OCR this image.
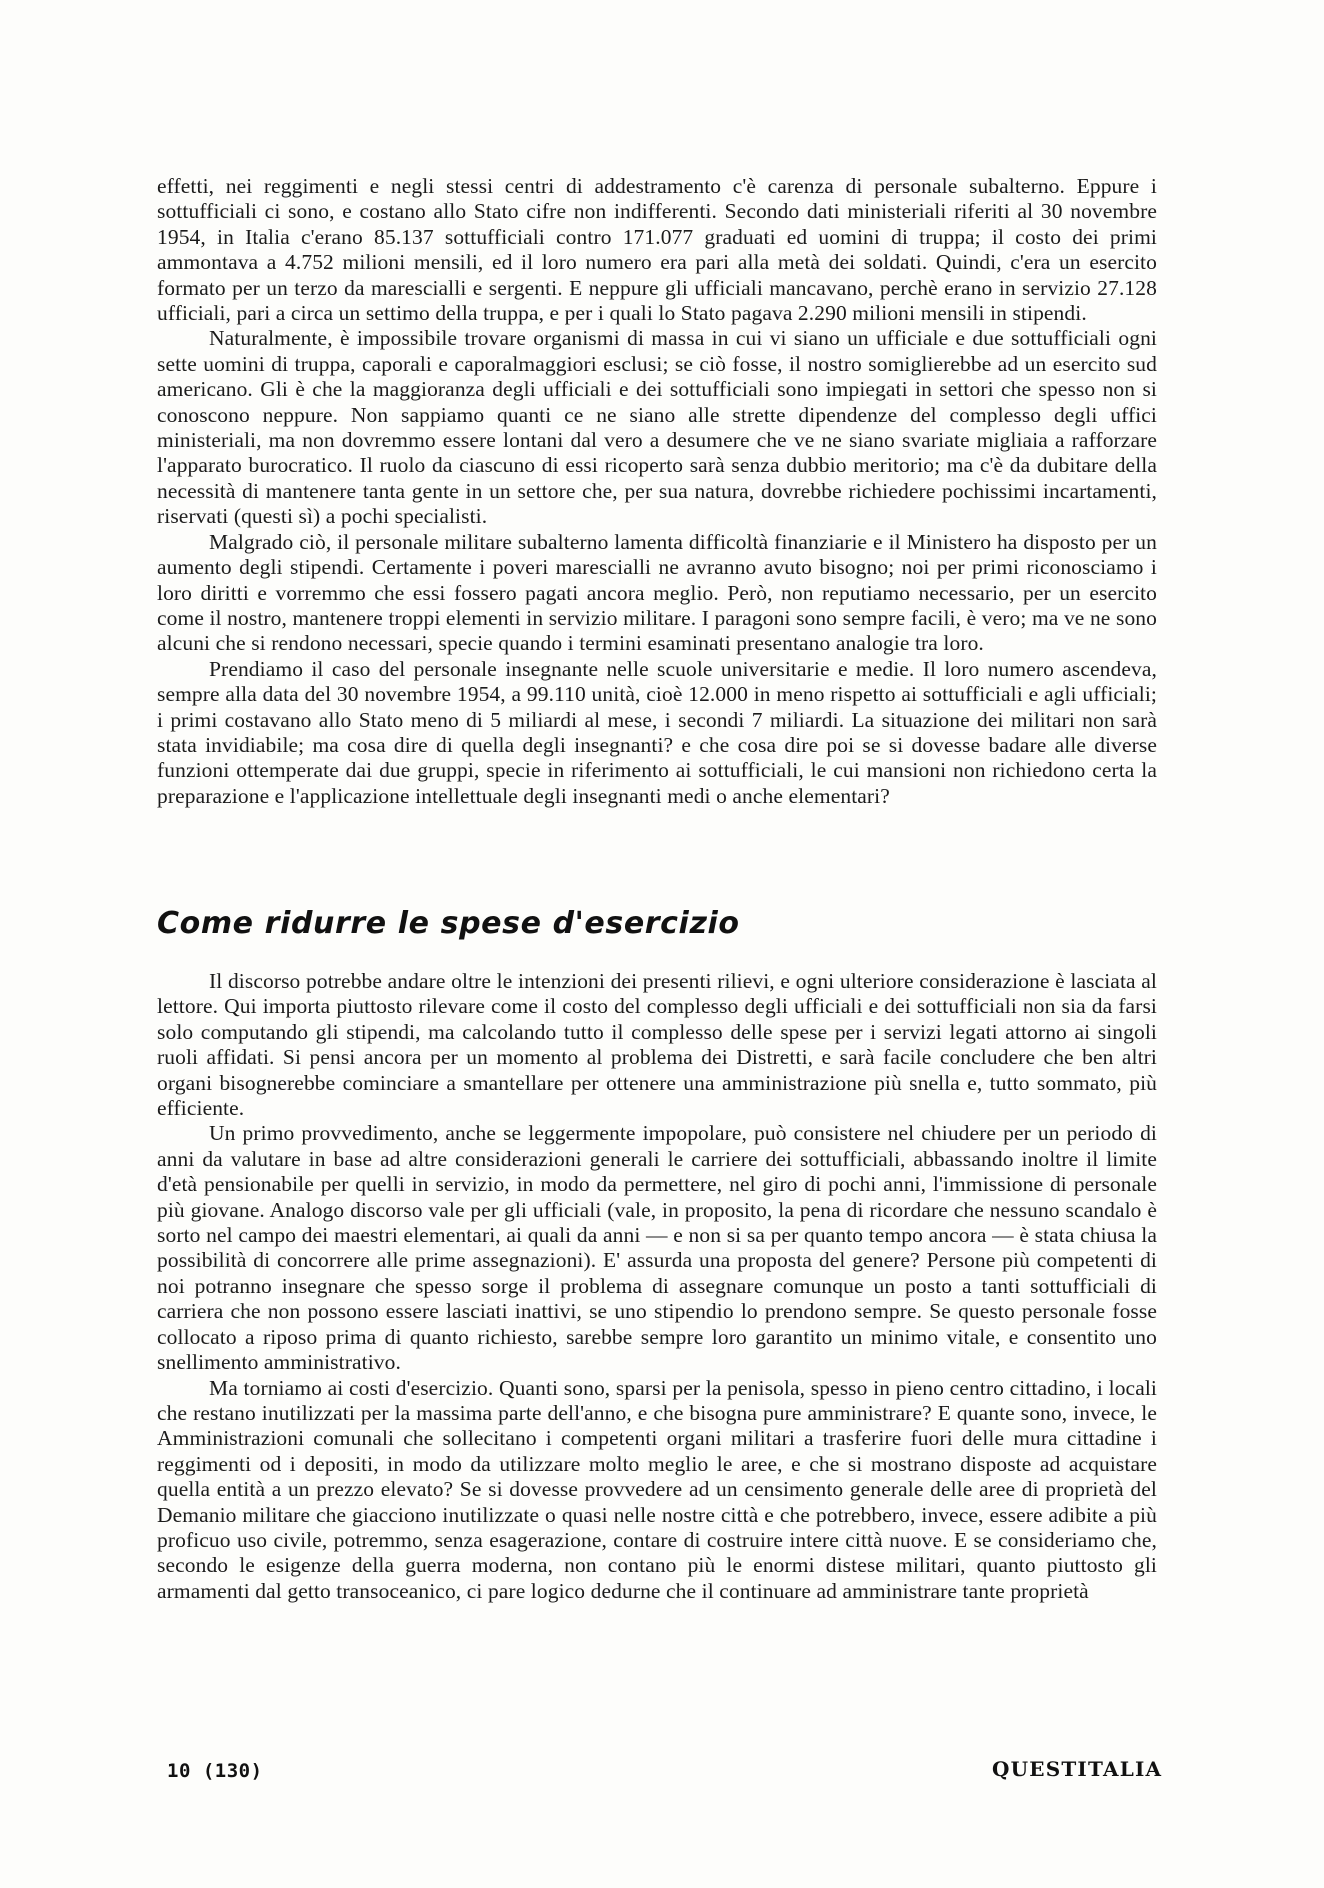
effetti, nei reggimenti e negli stessi centri di addestramento c'è carenza di personale subalterno. Eppure i sottufficiali ci sono, e costano allo Stato cifre non indifferenti. Secondo dati ministeriali riferiti al 30 novembre 1954, in Italia c'erano 85.137 sottufficiali contro 171.077 graduati ed uomini di truppa; il costo dei primi ammontava a 4.752 milioni mensili, ed il loro numero era pari alla metà dei soldati. Quindi, c'era un esercito formato per un terzo da marescialli e sergenti. E neppure gli ufficiali mancavano, perchè erano in servizio 27.128 ufficiali, pari a circa un settimo della truppa, e per i quali lo Stato pagava 2.290 milioni mensili in stipendi.

Naturalmente, è impossibile trovare organismi di massa in cui vi siano un ufficiale e due sottufficiali ogni sette uomini di truppa, caporali e caporalmaggiori esclusi; se ciò fosse, il nostro somiglierebbe ad un esercito sud americano. Gli è che la maggioranza degli ufficiali e dei sottufficiali sono impiegati in settori che spesso non si conoscono neppure. Non sappiamo quanti ce ne siano alle strette dipendenze del complesso degli uffici ministeriali, ma non dovremmo essere lontani dal vero a desumere che ve ne siano svariate migliaia a rafforzare l'apparato burocratico. Il ruolo da ciascuno di essi ricoperto sarà senza dubbio meritorio; ma c'è da dubitare della necessità di mantenere tanta gente in un settore che, per sua natura, dovrebbe richiedere pochissimi incartamenti, riservati (questi sì) a pochi specialisti.

Malgrado ciò, il personale militare subalterno lamenta difficoltà finanziarie e il Ministero ha disposto per un aumento degli stipendi. Certamente i poveri marescialli ne avranno avuto bisogno; noi per primi riconosciamo i loro diritti e vorremmo che essi fossero pagati ancora meglio. Però, non reputiamo necessario, per un esercito come il nostro, mantenere troppi elementi in servizio militare. I paragoni sono sempre facili, è vero; ma ve ne sono alcuni che si rendono necessari, specie quando i termini esaminati presentano analogie tra loro.

Prendiamo il caso del personale insegnante nelle scuole universitarie e medie. Il loro numero ascendeva, sempre alla data del 30 novembre 1954, a 99.110 unità, cioè 12.000 in meno rispetto ai sottufficiali e agli ufficiali; i primi costavano allo Stato meno di 5 miliardi al mese, i secondi 7 miliardi. La situazione dei militari non sarà stata invidiabile; ma cosa dire di quella degli insegnanti? e che cosa dire poi se si dovesse badare alle diverse funzioni ottemperate dai due gruppi, specie in riferimento ai sottufficiali, le cui mansioni non richiedono certa la preparazione e l'applicazione intellettuale degli insegnanti medi o anche elementari?

Come ridurre le spese d'esercizio

Il discorso potrebbe andare oltre le intenzioni dei presenti rilievi, e ogni ulteriore considerazione è lasciata al lettore. Qui importa piuttosto rilevare come il costo del complesso degli ufficiali e dei sottufficiali non sia da farsi solo computando gli stipendi, ma calcolando tutto il complesso delle spese per i servizi legati attorno ai singoli ruoli affidati. Si pensi ancora per un momento al problema dei Distretti, e sarà facile concludere che ben altri organi bisognerebbe cominciare a smantellare per ottenere una amministrazione più snella e, tutto sommato, più efficiente.

Un primo provvedimento, anche se leggermente impopolare, può consistere nel chiudere per un periodo di anni da valutare in base ad altre considerazioni generali le carriere dei sottufficiali, abbassando inoltre il limite d'età pensionabile per quelli in servizio, in modo da permettere, nel giro di pochi anni, l'immissione di personale più giovane. Analogo discorso vale per gli ufficiali (vale, in proposito, la pena di ricordare che nessuno scandalo è sorto nel campo dei maestri elementari, ai quali da anni — e non si sa per quanto tempo ancora — è stata chiusa la possibilità di concorrere alle prime assegnazioni). E' assurda una proposta del genere? Persone più competenti di noi potranno insegnare che spesso sorge il problema di assegnare comunque un posto a tanti sottufficiali di carriera che non possono essere lasciati inattivi, se uno stipendio lo prendono sempre. Se questo personale fosse collocato a riposo prima di quanto richiesto, sarebbe sempre loro garantito un minimo vitale, e consentito uno snellimento amministrativo.

Ma torniamo ai costi d'esercizio. Quanti sono, sparsi per la penisola, spesso in pieno centro cittadino, i locali che restano inutilizzati per la massima parte dell'anno, e che bisogna pure amministrare? E quante sono, invece, le Amministrazioni comunali che sollecitano i competenti organi militari a trasferire fuori delle mura cittadine i reggimenti od i depositi, in modo da utilizzare molto meglio le aree, e che si mostrano disposte ad acquistare quella entità a un prezzo elevato? Se si dovesse provvedere ad un censimento generale delle aree di proprietà del Demanio militare che giacciono inutilizzate o quasi nelle nostre città e che potrebbero, invece, essere adibite a più proficuo uso civile, potremmo, senza esagerazione, contare di costruire intere città nuove. E se consideriamo che, secondo le esigenze della guerra moderna, non contano più le enormi distese militari, quanto piuttosto gli armamenti dal getto transoceanico, ci pare logico dedurne che il continuare ad amministrare tante proprietà

10 (130)	QUESTITALIA
